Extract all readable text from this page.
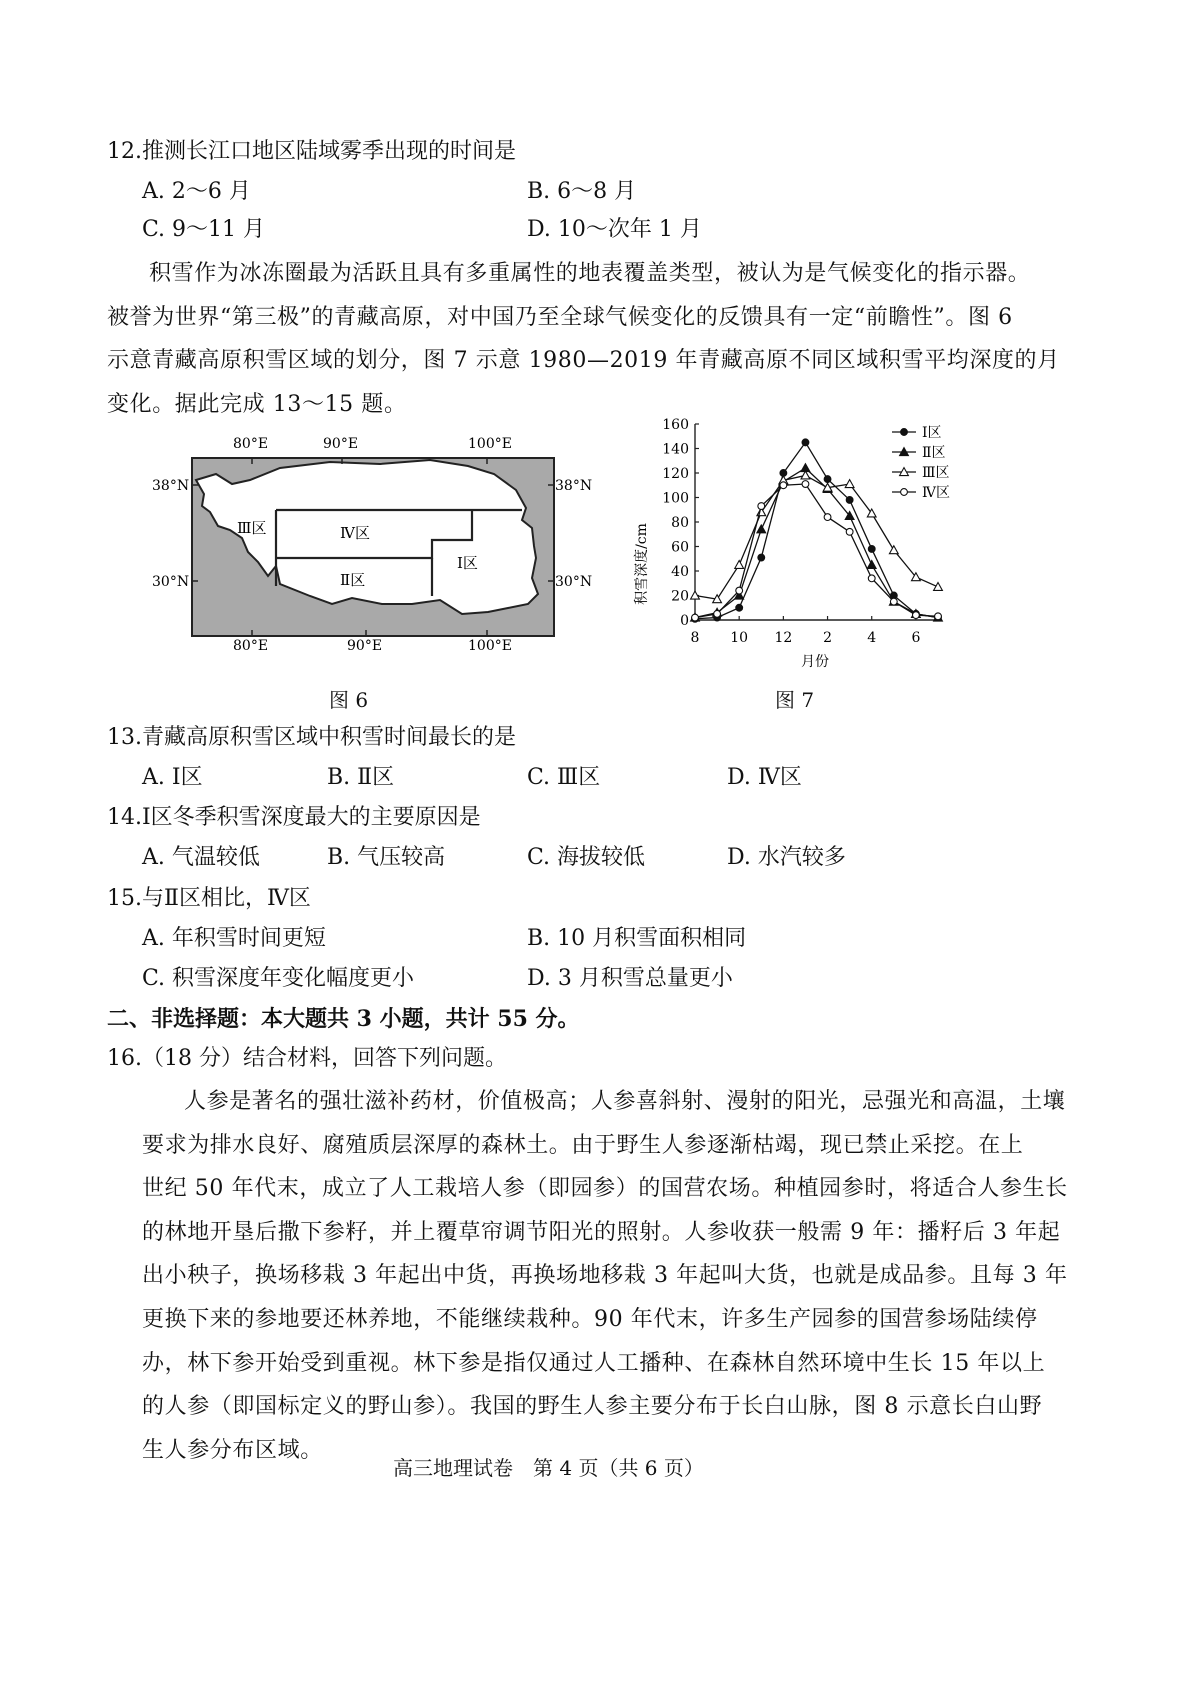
12.推测长江口地区陆域雾季出现的时间是
A. 2～6 月	B. 6～8 月
C. 9～11 月	D. 10～次年 1 月

积雪作为冰冻圈最为活跃且具有多重属性的地表覆盖类型，被认为是气候变化的指示器。

被誉为世界“第三极”的青藏高原，对中国乃至全球气候变化的反馈具有一定“前瞻性”。图 6

示意青藏高原积雪区域的划分，图 7 示意 1980—2019 年青藏高原不同区域积雪平均深度的月

变化。据此完成 13～15 题。

Ⅲ区	Ⅳ区
Ⅱ区
Ⅰ区
80°E	90°E	100°E
80°E	90°E	100°E
38°N
30°N
38°N
30°N
图 6
0
20
40
60
80
100
120
140
160
8 10 12 2	4	6
Ⅰ区
Ⅱ区
Ⅲ区
Ⅳ区
积雪深度/cm
月份
图 7
13.青藏高原积雪区域中积雪时间最长的是
A. Ⅰ区	B. Ⅱ区	C. Ⅲ区	D. Ⅳ区
14.Ⅰ区冬季积雪深度最大的主要原因是
A. 气温较低	B. 气压较高	C. 海拔较低	D. 水汽较多
15.与Ⅱ区相比，Ⅳ区
A. 年积雪时间更短	B. 10 月积雪面积相同
C. 积雪深度年变化幅度更小	D. 3 月积雪总量更小
二、非选择题：本大题共 3 小题，共计 55 分。
16.（18 分）结合材料，回答下列问题。

人参是著名的强壮滋补药材，价值极高；人参喜斜射、漫射的阳光，忌强光和高温，土壤

要求为排水良好、腐殖质层深厚的森林土。由于野生人参逐渐枯竭，现已禁止采挖。在上

世纪 50 年代末，成立了人工栽培人参（即园参）的国营农场。种植园参时，将适合人参生长

的林地开垦后撒下参籽，并上覆草帘调节阳光的照射。人参收获一般需 9 年：播籽后 3 年起

出小秧子，换场移栽 3 年起出中货，再换场地移栽 3 年起叫大货，也就是成品参。且每 3 年

更换下来的参地要还林养地，不能继续栽种。90 年代末，许多生产园参的国营参场陆续停

办，林下参开始受到重视。林下参是指仅通过人工播种、在森林自然环境中生长 15 年以上

的人参（即国标定义的野山参）。我国的野生人参主要分布于长白山脉，图 8 示意长白山野

生人参分布区域。

高三地理试卷　第 4 页（共 6 页）
